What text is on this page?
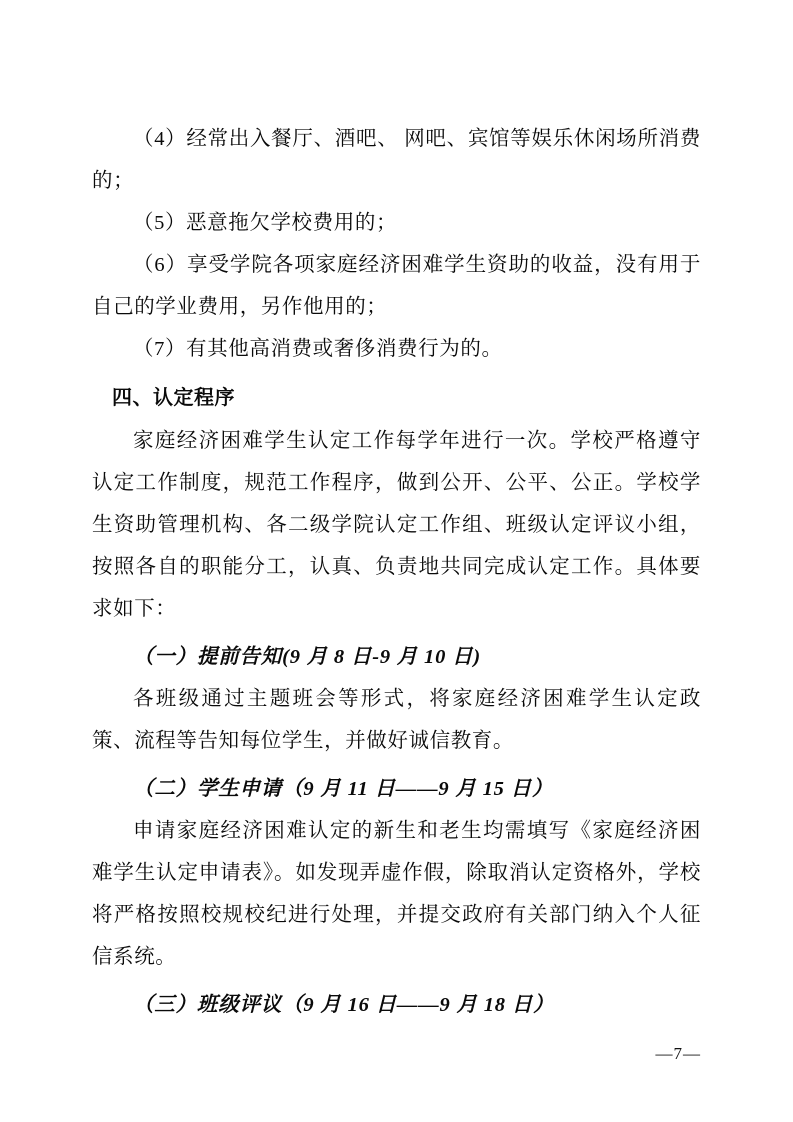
（4）经常出入餐厅、酒吧、 网吧、宾馆等娱乐休闲场所消费的；

（5）恶意拖欠学校费用的；

（6）享受学院各项家庭经济困难学生资助的收益，没有用于自己的学业费用，另作他用的；

（7）有其他高消费或奢侈消费行为的。

四、认定程序

家庭经济困难学生认定工作每学年进行一次。学校严格遵守认定工作制度，规范工作程序，做到公开、公平、公正。学校学生资助管理机构、各二级学院认定工作组、班级认定评议小组，按照各自的职能分工，认真、负责地共同完成认定工作。具体要求如下：

（一）提前告知(9 月 8 日-9 月 10 日)

各班级通过主题班会等形式，将家庭经济困难学生认定政策、流程等告知每位学生，并做好诚信教育。

（二）学生申请（9 月 11 日——9 月 15 日）

申请家庭经济困难认定的新生和老生均需填写《家庭经济困难学生认定申请表》。如发现弄虚作假，除取消认定资格外，学校将严格按照校规校纪进行处理，并提交政府有关部门纳入个人征信系统。

（三）班级评议（9 月 16 日——9 月 18 日）

—7—
